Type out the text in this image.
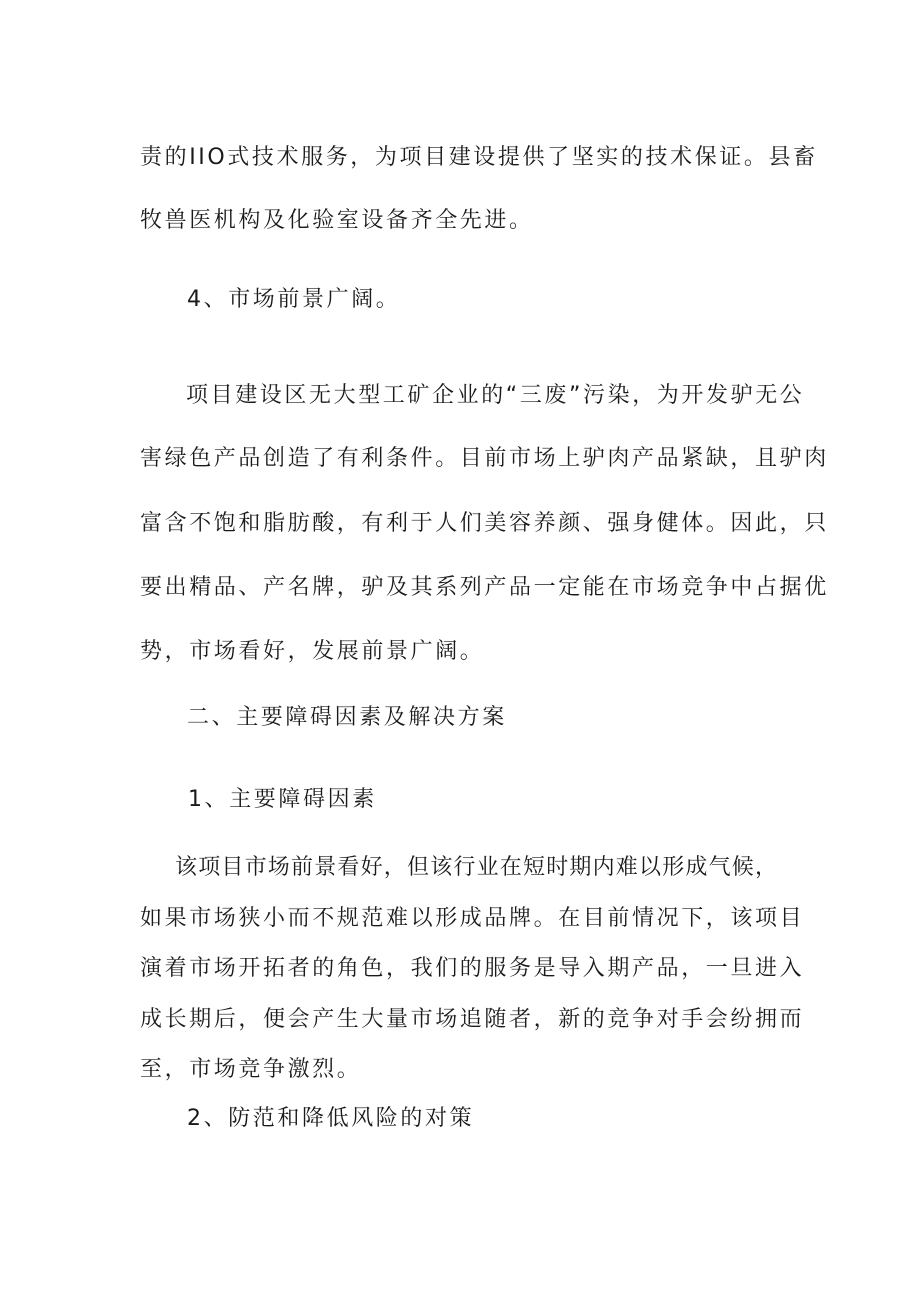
责的IIO式技术服务，为项目建设提供了坚实的技术保证。县畜
牧兽医机构及化验室设备齐全先进。
4、市场前景广阔。
项目建设区无大型工矿企业的“三废”污染，为开发驴无公
害绿色产品创造了有利条件。目前市场上驴肉产品紧缺，且驴肉
富含不饱和脂肪酸，有利于人们美容养颜、强身健体。因此，只
要出精品、产名牌，驴及其系列产品一定能在市场竞争中占据优
势，市场看好，发展前景广阔。
二、主要障碍因素及解决方案
1、主要障碍因素
该项目市场前景看好，但该行业在短时期内难以形成气候，
如果市场狭小而不规范难以形成品牌。在目前情况下，该项目
演着市场开拓者的角色，我们的服务是导入期产品，一旦进入
成长期后，便会产生大量市场追随者，新的竞争对手会纷拥而
至，市场竞争激烈。
2、防范和降低风险的对策
